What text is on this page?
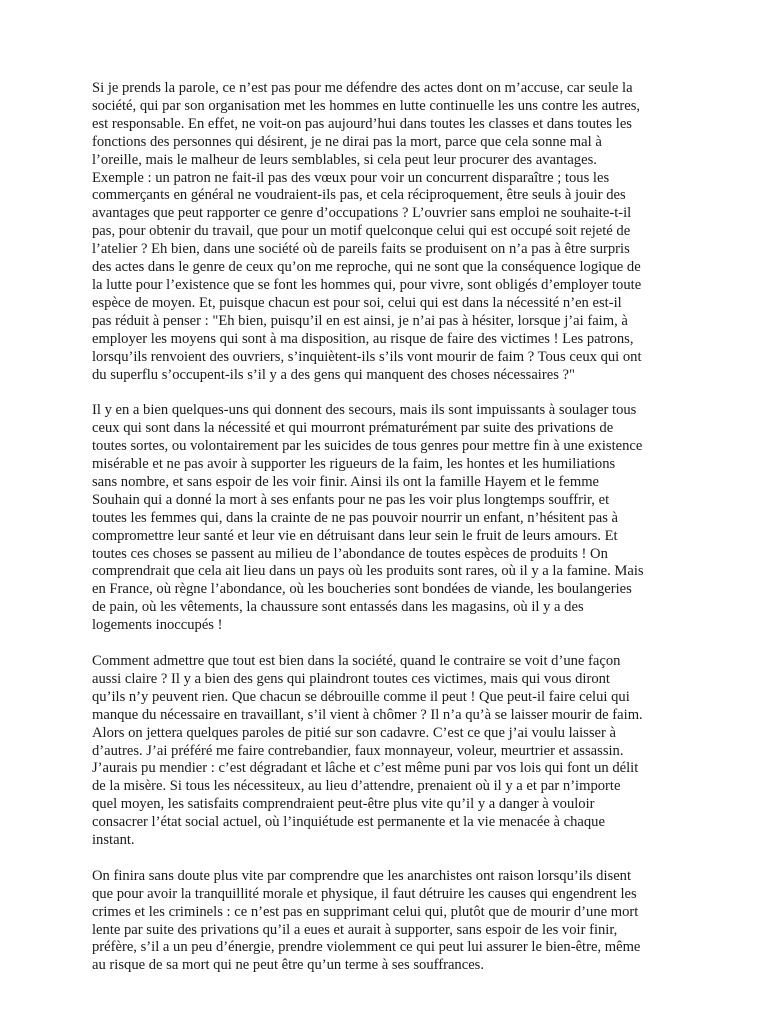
Si je prends la parole, ce n’est pas pour me défendre des actes dont on m’accuse, car seule la
société, qui par son organisation met les hommes en lutte continuelle les uns contre les autres,
est responsable. En effet, ne voit-on pas aujourd’hui dans toutes les classes et dans toutes les
fonctions des personnes qui désirent, je ne dirai pas la mort, parce que cela sonne mal à
l’oreille, mais le malheur de leurs semblables, si cela peut leur procurer des avantages.
Exemple : un patron ne fait-il pas des vœux pour voir un concurrent disparaître ; tous les
commerçants en général ne voudraient-ils pas, et cela réciproquement, être seuls à jouir des
avantages que peut rapporter ce genre d’occupations ? L’ouvrier sans emploi ne souhaite-t-il
pas, pour obtenir du travail, que pour un motif quelconque celui qui est occupé soit rejeté de
l’atelier ? Eh bien, dans une société où de pareils faits se produisent on n’a pas à être surpris
des actes dans le genre de ceux qu’on me reproche, qui ne sont que la conséquence logique de
la lutte pour l’existence que se font les hommes qui, pour vivre, sont obligés d’employer toute
espèce de moyen. Et, puisque chacun est pour soi, celui qui est dans la nécessité n’en est-il
pas réduit à penser : "Eh bien, puisqu’il en est ainsi, je n’ai pas à hésiter, lorsque j’ai faim, à
employer les moyens qui sont à ma disposition, au risque de faire des victimes ! Les patrons,
lorsqu’ils renvoient des ouvriers, s’inquiètent-ils s’ils vont mourir de faim ? Tous ceux qui ont
du superflu s’occupent-ils s’il y a des gens qui manquent des choses nécessaires ?"

Il y en a bien quelques-uns qui donnent des secours, mais ils sont impuissants à soulager tous
ceux qui sont dans la nécessité et qui mourront prématurément par suite des privations de
toutes sortes, ou volontairement par les suicides de tous genres pour mettre fin à une existence
misérable et ne pas avoir à supporter les rigueurs de la faim, les hontes et les humiliations
sans nombre, et sans espoir de les voir finir. Ainsi ils ont la famille Hayem et le femme
Souhain qui a donné la mort à ses enfants pour ne pas les voir plus longtemps souffrir, et
toutes les femmes qui, dans la crainte de ne pas pouvoir nourrir un enfant, n’hésitent pas à
compromettre leur santé et leur vie en détruisant dans leur sein le fruit de leurs amours. Et
toutes ces choses se passent au milieu de l’abondance de toutes espèces de produits ! On
comprendrait que cela ait lieu dans un pays où les produits sont rares, où il y a la famine. Mais
en France, où règne l’abondance, où les boucheries sont bondées de viande, les boulangeries
de pain, où les vêtements, la chaussure sont entassés dans les magasins, où il y a des
logements inoccupés !

Comment admettre que tout est bien dans la société, quand le contraire se voit d’une façon
aussi claire ? Il y a bien des gens qui plaindront toutes ces victimes, mais qui vous diront
qu’ils n’y peuvent rien. Que chacun se débrouille comme il peut ! Que peut-il faire celui qui
manque du nécessaire en travaillant, s’il vient à chômer ? Il n’a qu’à se laisser mourir de faim.
Alors on jettera quelques paroles de pitié sur son cadavre. C’est ce que j’ai voulu laisser à
d’autres. J’ai préféré me faire contrebandier, faux monnayeur, voleur, meurtrier et assassin.
J’aurais pu mendier : c’est dégradant et lâche et c’est même puni par vos lois qui font un délit
de la misère. Si tous les nécessiteux, au lieu d’attendre, prenaient où il y a et par n’importe
quel moyen, les satisfaits comprendraient peut-être plus vite qu’il y a danger à vouloir
consacrer l’état social actuel, où l’inquiétude est permanente et la vie menacée à chaque
instant.

On finira sans doute plus vite par comprendre que les anarchistes ont raison lorsqu’ils disent
que pour avoir la tranquillité morale et physique, il faut détruire les causes qui engendrent les
crimes et les criminels : ce n’est pas en supprimant celui qui, plutôt que de mourir d’une mort
lente par suite des privations qu’il a eues et aurait à supporter, sans espoir de les voir finir,
préfère, s’il a un peu d’énergie, prendre violemment ce qui peut lui assurer le bien-être, même
au risque de sa mort qui ne peut être qu’un terme à ses souffrances.
